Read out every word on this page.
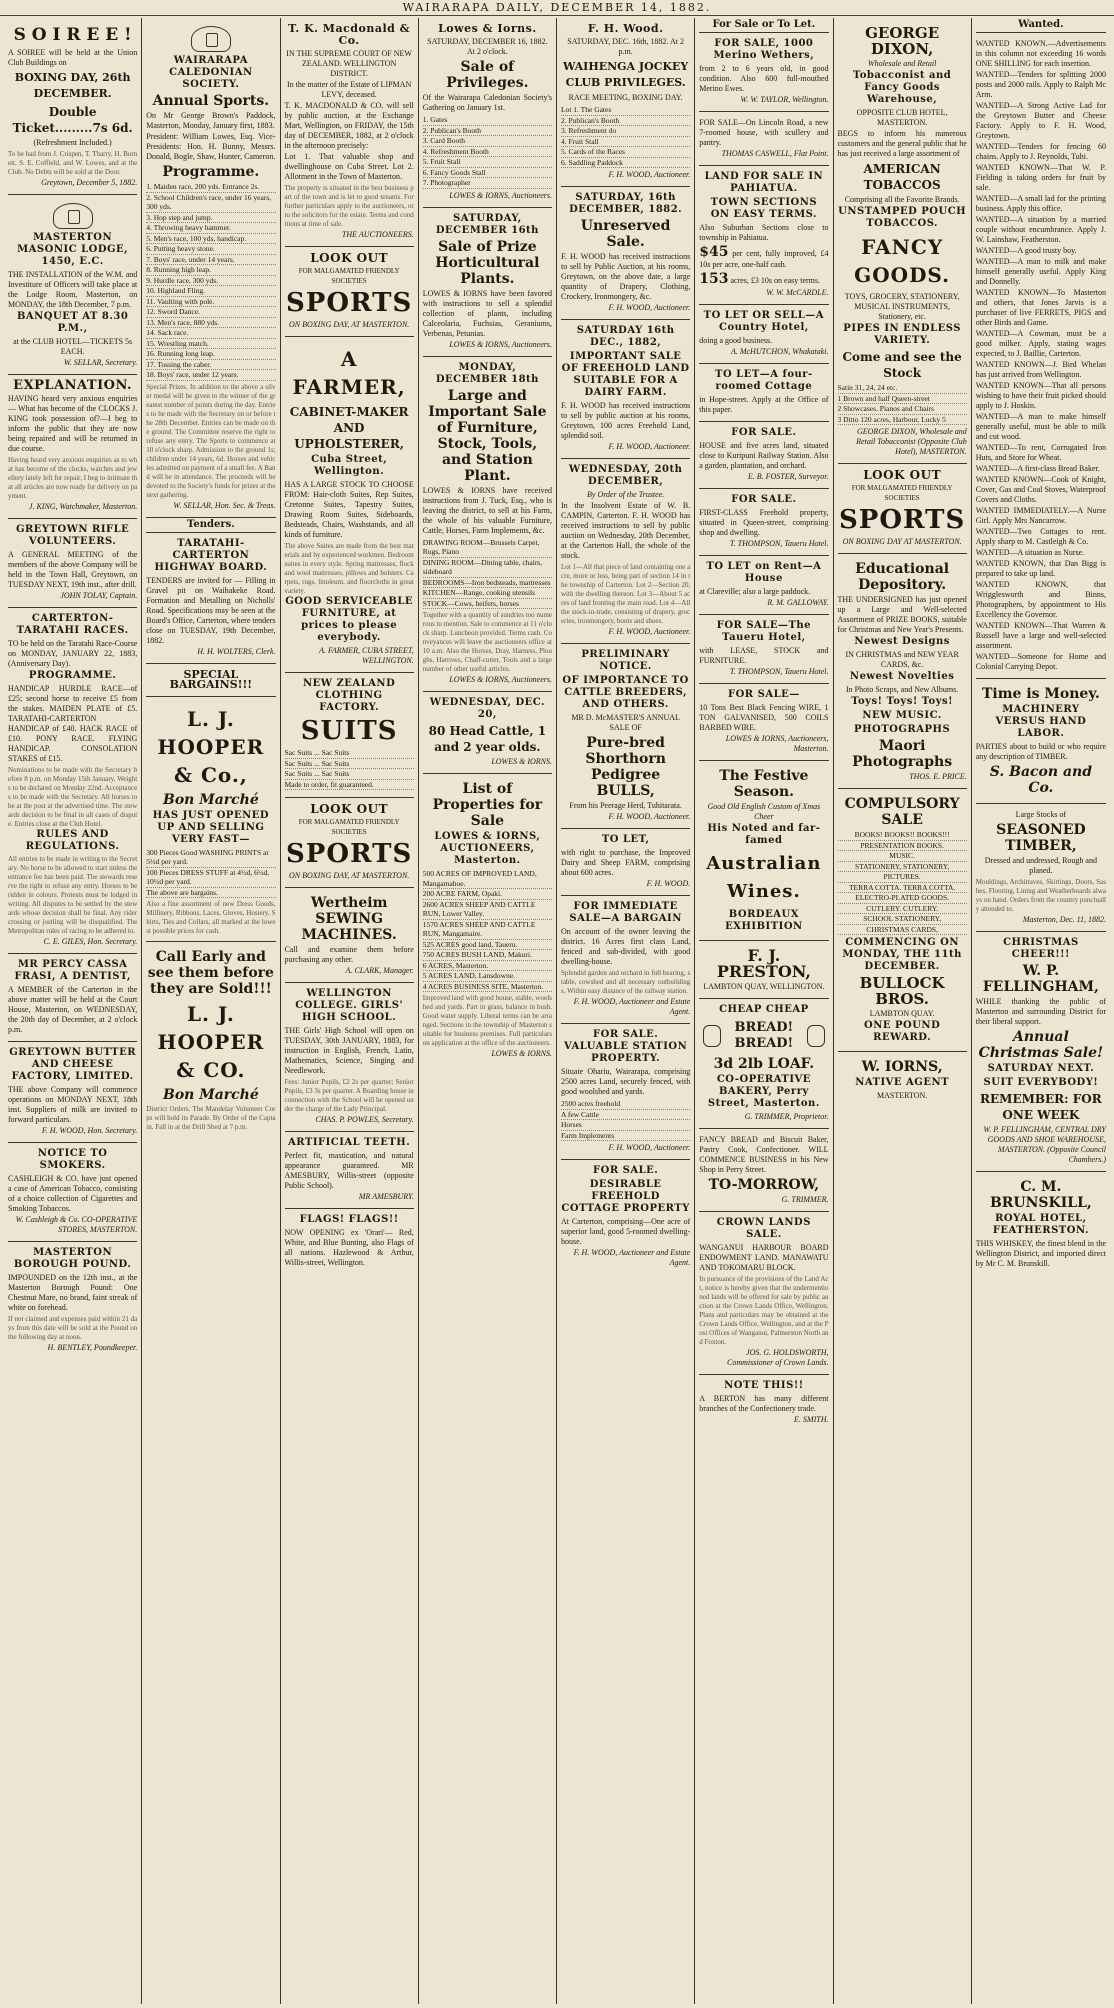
WAIRARAPA DAILY, DECEMBER 14, 1882.
S O I R E E !

A SOIREE will be held at the Union Club Buildings on

BOXING DAY, 26th DECEMBER.
Double Ticket.........7s 6d.

(Refreshment Included.)

To be had from J. Crispen, T. Tharry, H. Burnett, S. E. Coffield, and W. Lowes, and at the Club. No Debts will be sold at the Door.

Greytown, December 5, 1882.

MASTERTON MASONIC LODGE, 1450, E.C.

THE INSTALLATION of the W.M. and Investiture of Officers will take place at the Lodge Room, Masterton, on MONDAY, the 18th December, 7 p.m.

BANQUET AT 8.30 P.M.,

at the CLUB HOTEL—TICKETS 5s EACH.

W. SELLAR, Secretary.

EXPLANATION.

HAVING heard very anxious enquiries — What has become of the CLOCKS J. KING took possession of?—I beg to inform the public that they are now being repaired and will be returned in due course.

Having heard very anxious enquiries as to what has become of the clocks, watches and jewellery lately left for repair, I beg to intimate that all articles are now ready for delivery on payment.

J. KING, Watchmaker, Masterton.

GREYTOWN RIFLE VOLUNTEERS.

A GENERAL MEETING of the members of the above Company will be held in the Town Hall, Greytown, on TUESDAY NEXT, 19th inst., after drill.

JOHN TOLAY, Captain.

CARTERTON-TARATAHI RACES.

TO be held on the Taratahi Race-Course on MONDAY, JANUARY 22, 1883, (Anniversary Day).

PROGRAMME.

HANDICAP HURDLE RACE—of £25; second horse to receive £5 from the stakes. MAIDEN PLATE of £5. TARATAHI-CARTERTON HANDICAP of £40. HACK RACE of £10. PONY RACE. FLYING HANDICAP. CONSOLATION STAKES of £15.

Nominations to be made with the Secretary before 8 p.m. on Monday 15th January. Weights to be declared on Monday 22nd. Acceptances to be made with the Secretary. All horses to be at the post at the advertised time. The stewards decision to be final in all cases of dispute. Entries close at the Club Hotel.
RULES AND REGULATIONS.
All entries to be made in writing to the Secretary. No horse to be allowed to start unless the entrance fee has been paid. The stewards reserve the right to refuse any entry. Horses to be ridden in colours. Protests must be lodged in writing. All disputes to be settled by the stewards whose decision shall be final. Any rider crossing or jostling will be disqualified. The Metropolitan rules of racing to be adhered to.

C. E. GILES, Hon. Secretary.

MR PERCY CASSA FRASI, A DENTIST,

A MEMBER of the Carterton in the above matter will be held at the Court House, Masterton, on WEDNESDAY, the 20th day of December, at 2 o'clock p.m.

GREYTOWN BUTTER AND CHEESE FACTORY, LIMITED.

THE above Company will commence operations on MONDAY NEXT, 18th inst. Suppliers of milk are invited to forward particulars.

F. H. WOOD, Hon. Secretary.

NOTICE TO SMOKERS.

CASHLEIGH & CO. have just opened a case of American Tobacco, consisting of a choice collection of Cigarettes and Smoking Tobaccos.

W. Cashleigh & Co. CO-OPERATIVE STORES, MASTERTON.

MASTERTON BOROUGH POUND.

IMPOUNDED on the 12th inst., at the Masterton Borough Pound: One Chestnut Mare, no brand, faint streak of white on forehead.

If not claimed and expenses paid within 21 days from this date will be sold at the Pound on the following day at noon.

H. BENTLEY, Poundkeeper.

WAIRARAPA CALEDONIAN SOCIETY.
Annual Sports.

On Mr George Brown's Paddock, Masterton, Monday, January first, 1883.

President: William Lowes, Esq. Vice-Presidents: Hon. H. Bunny, Messrs. Donald, Bogle, Shaw, Hunter, Cameron.

Programme.
1. Maiden race, 200 yds. Entrance 2s.
2. School Children's race, under 16 years, 300 yds.
3. Hop step and jump.
4. Throwing heavy hammer.
5. Men's race, 100 yds, handicap.
6. Putting heavy stone.
7. Boys' race, under 14 years.
8. Running high leap.
9. Hurdle race, 300 yds.
10. Highland Fling.
11. Vaulting with pole.
12. Sword Dance.
13. Men's race, 880 yds.
14. Sack race.
15. Wrestling match.
16. Running long leap.
17. Tossing the caber.
18. Boys' race, under 12 years.
Special Prizes. In addition to the above a silver medal will be given to the winner of the greatest number of points during the day. Entries to be made with the Secretary on or before the 28th December. Entries can be made on the ground. The Committee reserve the right to refuse any entry. The Sports to commence at 10 o'clock sharp. Admission to the ground 1s; children under 14 years, 6d. Horses and vehicles admitted on payment of a small fee. A Band will be in attendance. The proceeds will be devoted to the Society's funds for prizes at the next gathering.

W. SELLAR, Hon. Sec. & Treas.

Tenders.
TARATAHI-CARTERTON HIGHWAY BOARD.

TENDERS are invited for — Filling in Gravel pit on Waihakeke Road. Formation and Metalling on Nicholls' Road. Specifications may be seen at the Board's Office, Carterton, where tenders close on TUESDAY, 19th December, 1882.

H. H. WOLTERS, Clerk.

SPECIAL BARGAINS!!!
L. J. HOOPER & Co.,
Bon Marché
HAS JUST OPENED UP AND SELLING VERY FAST—
300 Pieces Good WASHING PRINTS at 5½d per yard.
100 Pieces DRESS STUFF at 4½d, 6½d, 10½d per yard.
The above are bargains.
Also a fine assortment of new Dress Goods, Millinery, Ribbons, Laces, Gloves, Hosiery, Shirts, Ties and Collars, all marked at the lowest possible prices for cash.
Call Early and see them before they are Sold!!!
L. J. HOOPER & CO.
Bon Marché
District Orders. The Mandelay Volunteer Corps will hold its Parade. By Order of the Captain. Fall in at the Drill Shed at 7 p.m.
T. K. Macdonald & Co.

IN THE SUPREME COURT OF NEW ZEALAND. WELLINGTON DISTRICT.

In the matter of the Estate of LIPMAN LEVY, deceased.

T. K. MACDONALD & CO. will sell by public auction, at the Exchange Mart, Wellington, on FRIDAY, the 15th day of DECEMBER, 1882, at 2 o'clock in the afternoon precisely:

Lot 1. That valuable shop and dwellinghouse on Cuba Street. Lot 2. Allotment in the Town of Masterton.

The property is situated in the best business part of the town and is let to good tenants. For further particulars apply to the auctioneers, or to the solicitors for the estate. Terms and conditions at time of sale.

THE AUCTIONEERS.

LOOK OUT

FOR MALGAMATED FRIENDLY SOCIETIES

SPORTS

ON BOXING DAY, AT MASTERTON.

A FARMER,
CABINET-MAKER AND UPHOLSTERER,
Cuba Street, Wellington.

HAS A LARGE STOCK TO CHOOSE FROM: Hair-cloth Suites, Rep Suites, Cretonne Suites, Tapestry Suites, Drawing Room Suites, Sideboards, Bedsteads, Chairs, Washstands, and all kinds of furniture.

The above Suites are made from the best materials and by experienced workmen. Bedroom suites in every style. Spring mattresses, flock and wool mattresses, pillows and bolsters. Carpets, rugs, linoleum, and floorcloths in great variety.
GOOD SERVICEABLE FURNITURE, at prices to please everybody.

A. FARMER, CUBA STREET, WELLINGTON.

NEW ZEALAND CLOTHING FACTORY.
SUITS
Sac Suits ... Sac Suits
Sac Suits ... Sac Suits
Sac Suits ... Sac Suits
Made to order, fit guaranteed.
LOOK OUT

FOR MALGAMATED FRIENDLY SOCIETIES

SPORTS

ON BOXING DAY, AT MASTERTON.

Wertheim SEWING MACHINES.

Call and examine them before purchasing any other.

A. CLARK, Manager.

WELLINGTON COLLEGE. GIRLS' HIGH SCHOOL.

THE Girls' High School will open on TUESDAY, 30th JANUARY, 1883, for instruction in English, French, Latin, Mathematics, Science, Singing and Needlework.

Fees: Junior Pupils, £2 2s per quarter; Senior Pupils, £3 3s per quarter. A Boarding house in connection with the School will be opened under the charge of the Lady Principal.

CHAS. P. POWLES, Secretary.

ARTIFICIAL TEETH.

Perfect fit, mastication, and natural appearance guaranteed. MR AMESBURY, Willis-street (opposite Public School).

MR AMESBURY.

FLAGS! FLAGS!!

NOW OPENING ex 'Orari'— Red, White, and Blue Bunting, also Flags of all nations. Hazlewood & Arthur, Willis-street, Wellington.

Lowes & Iorns.

SATURDAY, DECEMBER 16, 1882. At 2 o'clock.

Sale of Privileges.

Of the Wairarapa Caledonian Society's Gathering on January 1st.

1. Gates
2. Publican's Booth
3. Card Booth
4. Refreshment Booth
5. Fruit Stall
6. Fancy Goods Stall
7. Photographer

LOWES & IORNS, Auctioneers.

SATURDAY, DECEMBER 16th
Sale of Prize Horticultural Plants.

LOWES & IORNS have been favored with instructions to sell a splendid collection of plants, including Calceolaria, Fuchsias, Geraniums, Verbenas, Petunias.

LOWES & IORNS, Auctioneers.

MONDAY, DECEMBER 18th
Large and Important Sale of Furniture, Stock, Tools, and Station Plant.

LOWES & IORNS have received instructions from J. Tuck, Esq., who is leaving the district, to sell at his Farm, the whole of his valuable Furniture, Cattle, Horses, Farm Implements, &c.

DRAWING ROOM—Brussels Carpet, Rugs, Piano
DINING ROOM—Dining table, chairs, sideboard
BEDROOMS—Iron bedsteads, mattresses
KITCHEN—Range, cooking utensils
STOCK—Cows, heifers, horses
Together with a quantity of sundries too numerous to mention. Sale to commence at 11 o'clock sharp. Luncheon provided. Terms cash. Conveyances will leave the auctioneers office at 10 a.m. Also the Horses, Dray, Harness, Ploughs, Harrows, Chaff-cutter, Tools and a large number of other useful articles.

LOWES & IORNS, Auctioneers.

WEDNESDAY, DEC. 20,
80 Head Cattle, 1 and 2 year olds.

LOWES & IORNS.

List of Properties for Sale
LOWES & IORNS, AUCTIONEERS, Masterton.
500 ACRES OF IMPROVED LAND, Mangamahoe.
200 ACRE FARM, Opaki.
2600 ACRES SHEEP AND CATTLE RUN, Lower Valley.
1570 ACRES SHEEP AND CATTLE RUN, Mangamaire.
525 ACRES good land, Taueru.
750 ACRES BUSH LAND, Makuri.
6 ACRES, Masterton.
5 ACRES LAND, Lansdowne.
4 ACRES BUSINESS SITE, Masterton.
Improved land with good house, stable, woolshed and yards. Part in grass, balance in bush. Good water supply. Liberal terms can be arranged. Sections in the township of Masterton suitable for business premises. Full particulars on application at the office of the auctioneers.

LOWES & IORNS.

F. H. Wood.

SATURDAY, DEC. 16th, 1882. At 2 p.m.

WAIHENGA JOCKEY CLUB PRIVILEGES.

RACE MEETING, BOXING DAY.

Lot 1. The Gates
2. Publican's Booth
3. Refreshment do
4. Fruit Stall
5. Cards of the Races
6. Saddling Paddock

F. H. WOOD, Auctioneer.

SATURDAY, 16th DECEMBER, 1882.
Unreserved Sale.

F. H. WOOD has received instructions to sell by Public Auction, at his rooms, Greytown, on the above date, a large quantity of Drapery, Clothing, Crockery, Ironmongery, &c.

F. H. WOOD, Auctioneer.

SATURDAY 16th DEC., 1882,
IMPORTANT SALE OF FREEHOLD LAND SUITABLE FOR A DAIRY FARM.

F. H. WOOD has received instructions to sell by public auction at his rooms, Greytown, 100 acres Freehold Land, splendid soil.

F. H. WOOD, Auctioneer.

WEDNESDAY, 20th DECEMBER,

By Order of the Trustee.

In the Insolvent Estate of W. B. CAMPIN, Carterton. F. H. WOOD has received instructions to sell by public auction on Wednesday, 20th December, at the Carterton Hall, the whole of the stock.

Lot 1—All that piece of land containing one acre, more or less, being part of section 14 in the township of Carterton. Lot 2—Section 20, with the dwelling thereon. Lot 3—About 5 acres of land fronting the main road. Lot 4—All the stock-in-trade, consisting of drapery, groceries, ironmongery, boots and shoes.

F. H. WOOD, Auctioneer.

PRELIMINARY NOTICE.
OF IMPORTANCE TO CATTLE BREEDERS, AND OTHERS.

MR D. McMASTER'S ANNUAL SALE OF

Pure-bred Shorthorn Pedigree BULLS,

From his Peerage Herd, Tuhitarata.

F. H. WOOD, Auctioneer.

TO LET,

with right to purchase, the Improved Dairy and Sheep FARM, comprising about 600 acres.

F. H. WOOD.

FOR IMMEDIATE SALE—A BARGAIN

On account of the owner leaving the district. 16 Acres first class Land, fenced and sub-divided, with good dwelling-house.

Splendid garden and orchard in full bearing, stable, cowshed and all necessary outbuildings. Within easy distance of the railway station.

F. H. WOOD, Auctioneer and Estate Agent.

FOR SALE. VALUABLE STATION PROPERTY.

Situate Ohariu, Wairarapa, comprising 2500 acres Land, securely fenced, with good woolshed and yards.

2500 acres freehold
A few Cattle
Horses
Farm Implements

F. H. WOOD, Auctioneer.

FOR SALE.
DESIRABLE FREEHOLD COTTAGE PROPERTY

At Carterton, comprising—One acre of superior land, good 5-roomed dwelling-house.

F. H. WOOD, Auctioneer and Estate Agent.

For Sale or To Let.
FOR SALE, 1000 Merino Wethers,

from 2 to 6 years old, in good condition. Also 600 full-mouthed Merino Ewes.

W. W. TAYLOR, Wellington.

FOR SALE—On Lincoln Road, a new 7-roomed house, with scullery and pantry.

THOMAS CASWELL, Flat Point.

LAND FOR SALE IN PAHIATUA.
TOWN SECTIONS ON EASY TERMS.

Also Suburban Sections close to township in Pahiatua.

$45 per cent, fully improved, £4 10s per acre, one-half cash.

153 acres, £3 10s on easy terms.

W. W. McCARDLE.

TO LET OR SELL—A Country Hotel,

doing a good business.

A. McHUTCHON, Whakataki.

TO LET—A four-roomed Cottage

in Hope-street. Apply at the Office of this paper.

FOR SALE.

HOUSE and five acres land, situated close to Kuripuni Railway Station. Also a garden, plantation, and orchard.

E. B. FOSTER, Surveyor.

FOR SALE.

FIRST-CLASS Freehold property, situated in Queen-street, comprising shop and dwelling.

T. THOMPSON, Taueru Hotel.

TO LET on Rent—A House

at Clareville; also a large paddock.

R. M. GALLOWAY.

FOR SALE—The Taueru Hotel,

with LEASE, STOCK and FURNITURE.

T. THOMPSON, Taueru Hotel.

FOR SALE—

10 Tons Best Black Fencing WIRE, 1 TON GALVANISED, 500 COILS BARBED WIRE.

LOWES & IORNS, Auctioneers, Masterton.

The Festive Season.

Good Old English Custom of Xmas Cheer

His Noted and far-famed
Australian Wines.
BORDEAUX EXHIBITION
F. J. PRESTON,

LAMBTON QUAY, WELLINGTON.

CHEAP CHEAP
BREAD! BREAD!
3d 2lb LOAF.
CO-OPERATIVE BAKERY, Perry Street, Masterton.

G. TRIMMER, Proprietor.

FANCY BREAD and Biscuit Baker, Pastry Cook, Confectioner. WILL COMMENCE BUSINESS in his New Shop in Perry Street.

TO-MORROW,

G. TRIMMER.

CROWN LANDS SALE.

WANGANUI HARBOUR BOARD ENDOWMENT LAND. MANAWATU AND TOKOMARU BLOCK.

In pursuance of the provisions of the Land Act, notice is hereby given that the undermentioned lands will be offered for sale by public auction at the Crown Lands Office, Wellington. Plans and particulars may be obtained at the Crown Lands Office, Wellington, and at the Post Offices of Wanganui, Palmerston North and Foxton.

JOS. G. HOLDSWORTH, Commissioner of Crown Lands.

NOTE THIS!!

A BERTON has many different branches of the Confectionery trade.

E. SMITH.

GEORGE DIXON,

Wholesale and Retail

Tobacconist and Fancy Goods Warehouse,

OPPOSITE CLUB HOTEL, MASTERTON.

BEGS to inform his numerous customers and the general public that he has just received a large assortment of

AMERICAN TOBACCOS

Comprising all the Favorite Brands.

UNSTAMPED POUCH TOBACCOS.
FANCY GOODS.

TOYS, GROCERY, STATIONERY, MUSICAL INSTRUMENTS, Stationery, etc.

PIPES IN ENDLESS VARIETY.
Come and see the Stock
Satin 31, 24, 24 etc.
1 Brown and half Queen-street
2 Showcases. Pianos and Chairs
3 Ditto 120 acres, Harbour, Lucky 5

GEORGE DIXON, Wholesale and Retail Tobacconist (Opposite Club Hotel), MASTERTON.

LOOK OUT

FOR MALGAMATED FRIENDLY SOCIETIES

SPORTS

ON BOXING DAY AT MASTERTON.

Educational Depository.

THE UNDERSIGNED has just opened up a Large and Well-selected Assortment of PRIZE BOOKS, suitable for Christmas and New Year's Presents.

Newest Designs

IN CHRISTMAS and NEW YEAR CARDS, &c.

Newest Novelties

In Photo Scraps, and New Albums.

Toys! Toys! Toys!
NEW MUSIC.
PHOTOGRAPHS
Maori Photographs

THOS. E. PRICE.

COMPULSORY SALE
BOOKS! BOOKS!! BOOKS!!!
PRESENTATION BOOKS.
MUSIC.
STATIONERY, STATIONERY,
PICTURES.
TERRA COTTA. TERRA COTTA.
ELECTRO-PLATED GOODS.
CUTLERY. CUTLERY.
SCHOOL STATIONERY,
CHRISTMAS CARDS,
COMMENCING ON MONDAY, THE 11th DECEMBER.
BULLOCK BROS.

LAMBTON QUAY.

ONE POUND REWARD.
W. IORNS,
NATIVE AGENT

MASTERTON.

Wanted.

WANTED KNOWN.—Advertisements in this column not exceeding 16 words ONE SHILLING for each insertion.

WANTED—Tenders for splitting 2000 posts and 2000 rails. Apply to Ralph Mc Arm.

WANTED—A Strong Active Lad for the Greytown Butter and Cheese Factory. Apply to F. H. Wood, Greytown.

WANTED—Tenders for fencing 60 chains. Apply to J. Reynolds, Tuhi.

WANTED KNOWN—That W. P. Fielding is taking orders for fruit by sale.

WANTED—A small lad for the printing business. Apply this office.

WANTED—A situation by a married couple without encumbrance. Apply J. W. Lainshaw, Featherston.

WANTED—A good trusty boy.

WANTED—A man to milk and make himself generally useful. Apply King and Donnelly.

WANTED KNOWN—To Masterton and others, that Jones Jarvis is a purchaser of live FERRETS, PIGS and other Birds and Game.

WANTED—A Cowman, must be a good milker. Apply, stating wages expected, to J. Baillie, Carterton.

WANTED KNOWN—J. Bird Whelan has just arrived from Wellington.

WANTED KNOWN—That all persons wishing to have their fruit picked should apply to J. Hoskin.

WANTED—A man to make himself generally useful, must be able to milk and cut wood.

WANTED—To rent, Corrugated Iron Huts, and Store for Wheat.

WANTED—A first-class Bread Baker.

WANTED KNOWN—Cook of Knight, Cover, Gas and Coal Stoves, Waterproof Covers and Cloths.

WANTED IMMEDIATELY.—A Nurse Girl. Apply Mrs Nancarrow.

WANTED—Two Cottages to rent. Apply sharp to M. Castleigh & Co.

WANTED—A situation as Nurse.

WANTED KNOWN, that Dan Bigg is prepared to take up land.

WANTED KNOWN, that Wrigglesworth and Binns, Photographers, by appointment to His Excellency the Governor.

WANTED KNOWN—That Warren & Russell have a large and well-selected assortment.

WANTED—Someone for Home and Colonial Carrying Depot.

Time is Money.
MACHINERY VERSUS HAND LABOR.

PARTIES about to build or who require any description of TIMBER.

S. Bacon and Co.

Large Stocks of

SEASONED TIMBER,

Dressed and undressed, Rough and planed.

Mouldings, Architraves, Skirtings, Doors, Sashes, Flooring, Lining and Weatherboards always on hand. Orders from the country punctually attended to.

Masterton, Dec. 11, 1882.

CHRISTMAS CHEER!!!
W. P. FELLINGHAM,

WHILE thanking the public of Masterton and surrounding District for their liberal support.

Annual Christmas Sale!
SATURDAY NEXT.
SUIT EVERYBODY!
REMEMBER: FOR ONE WEEK

W. P. FELLINGHAM, CENTRAL DRY GOODS AND SHOE WAREHOUSE, MASTERTON. (Opposite Council Chambers.)

C. M. BRUNSKILL,
ROYAL HOTEL, FEATHERSTON.

THIS WHISKEY, the finest blend in the Wellington District, and imported direct by Mr C. M. Brunskill.
